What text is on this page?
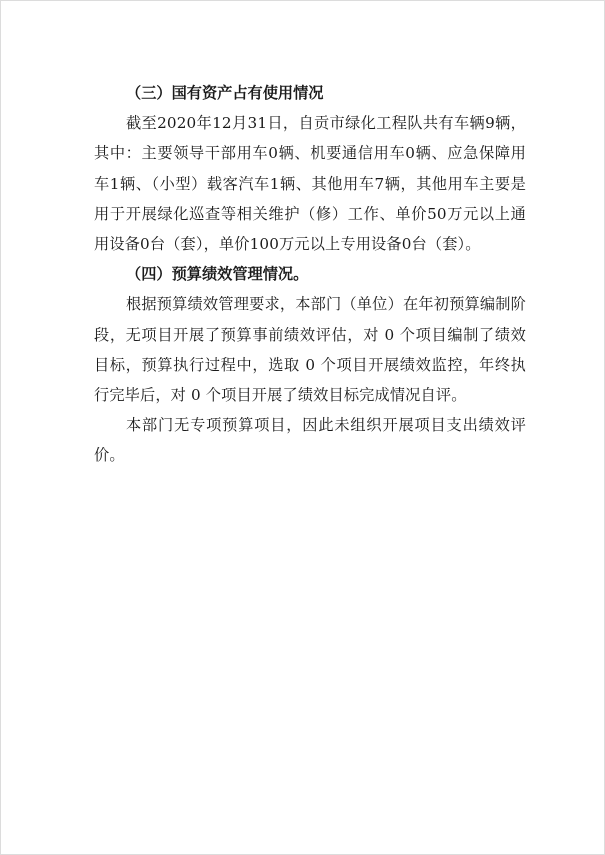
（三）国有资产占有使用情况

截至2020年12月31日，自贡市绿化工程队共有车辆9辆，其中：主要领导干部用车0辆、机要通信用车0辆、应急保障用车1辆、（小型）载客汽车1辆、其他用车7辆，其他用车主要是用于开展绿化巡查等相关维护（修）工作、单价50万元以上通用设备0台（套），单价100万元以上专用设备0台（套）。

（四）预算绩效管理情况。

根据预算绩效管理要求，本部门（单位）在年初预算编制阶段，无项目开展了预算事前绩效评估，对 0 个项目编制了绩效目标，预算执行过程中，选取 0 个项目开展绩效监控，年终执行完毕后，对 0 个项目开展了绩效目标完成情况自评。

本部门无专项预算项目，因此未组织开展项目支出绩效评价。
